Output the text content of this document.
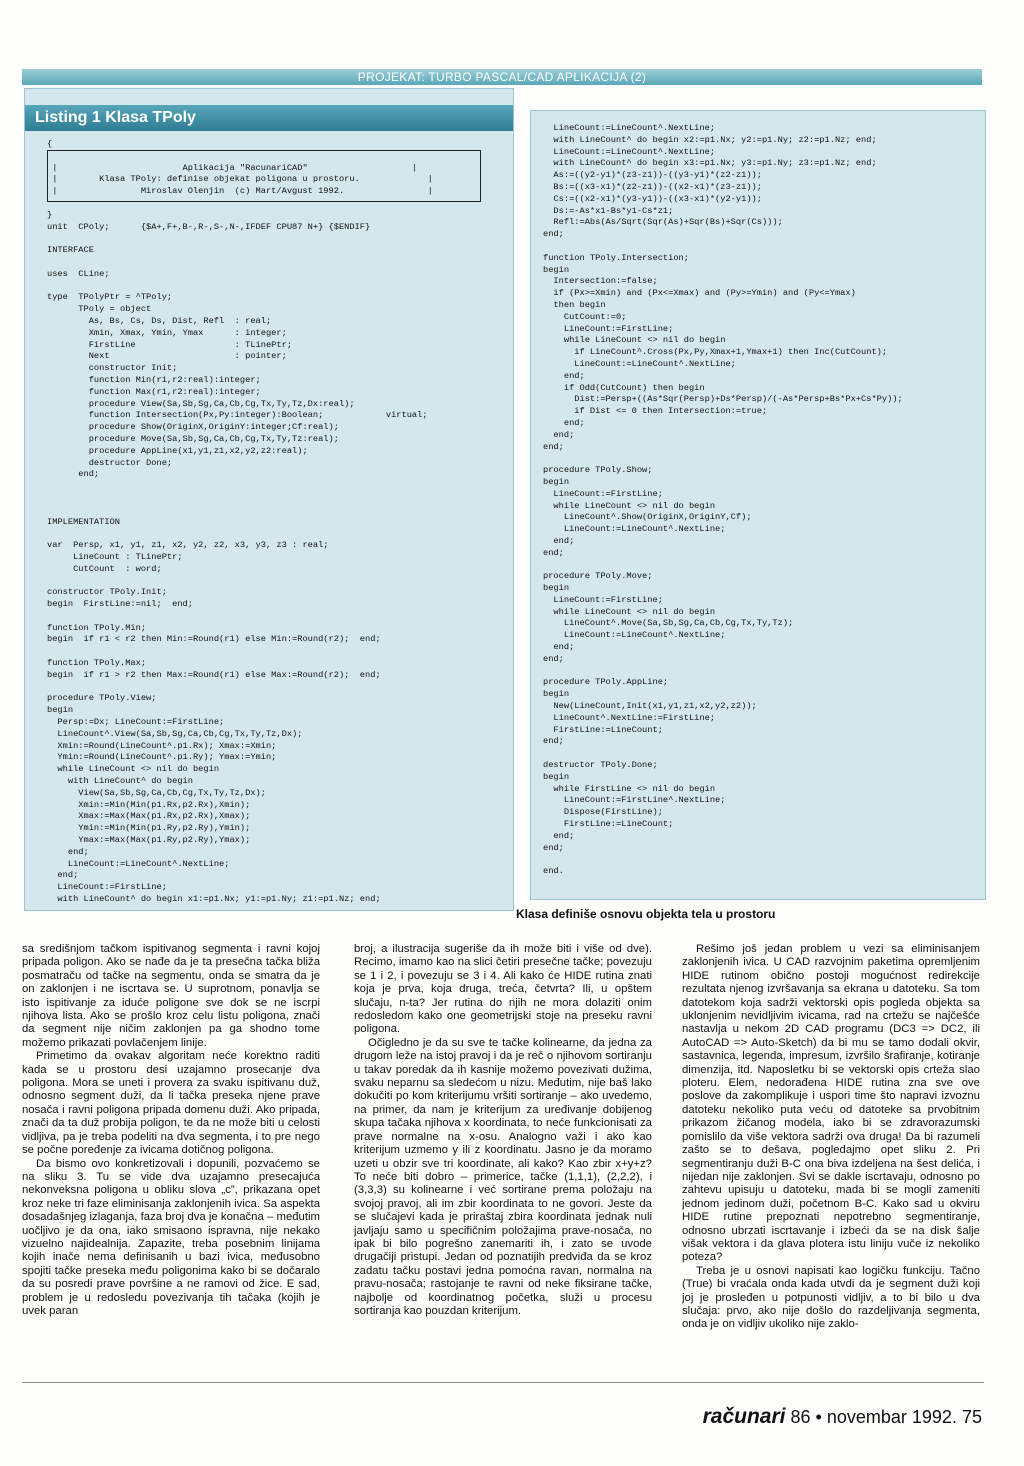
PROJEKAT: TURBO PASCAL/CAD APLIKACIJA (2)
Listing 1 Klasa TPoly
{

|                        Aplikacija "RacunariCAD"                    |
|        Klasa TPoly: definise objekat poligona u prostoru.             |
|                Miroslav Olenjin  (c) Mart/Avgust 1992.                |

}
unit  CPoly;      {$A+,F+,B-,R-,S-,N-,IFDEF CPU87 N+} {$ENDIF}

INTERFACE

uses  CLine;

type  TPolyPtr = ^TPoly;
TPoly = object
As, Bs, Cs, Ds, Dist, Refl  : real;
Xmin, Xmax, Ymin, Ymax      : integer;
FirstLine                   : TLinePtr;
Next                        : pointer;
constructor Init;
function Min(r1,r2:real):integer;
function Max(r1,r2:real):integer;
procedure View(Sa,Sb,Sg,Ca,Cb,Cg,Tx,Ty,Tz,Dx:real);
function Intersection(Px,Py:integer):Boolean;            virtual;
procedure Show(OriginX,OriginY:integer;Cf:real);
procedure Move(Sa,Sb,Sg,Ca,Cb,Cg,Tx,Ty,Tz:real);
procedure AppLine(x1,y1,z1,x2,y2,z2:real);
destructor Done;
end;

IMPLEMENTATION

var  Persp, x1, y1, z1, x2, y2, z2, x3, y3, z3 : real;
LineCount : TLinePtr;
CutCount  : word;

constructor TPoly.Init;
begin  FirstLine:=nil;  end;

function TPoly.Min;
begin  if r1 < r2 then Min:=Round(r1) else Min:=Round(r2);  end;

function TPoly.Max;
begin  if r1 > r2 then Max:=Round(r1) else Max:=Round(r2);  end;

procedure TPoly.View;
begin
Persp:=Dx; LineCount:=FirstLine;
LineCount^.View(Sa,Sb,Sg,Ca,Cb,Cg,Tx,Ty,Tz,Dx);
Xmin:=Round(LineCount^.p1.Rx); Xmax:=Xmin;
Ymin:=Round(LineCount^.p1.Ry); Ymax:=Ymin;
while LineCount <> nil do begin
with LineCount^ do begin
View(Sa,Sb,Sg,Ca,Cb,Cg,Tx,Ty,Tz,Dx);
Xmin:=Min(Min(p1.Rx,p2.Rx),Xmin);
Xmax:=Max(Max(p1.Rx,p2.Rx),Xmax);
Ymin:=Min(Min(p1.Ry,p2.Ry),Ymin);
Ymax:=Max(Max(p1.Ry,p2.Ry),Ymax);
end;
LineCount:=LineCount^.NextLine;
end;
LineCount:=FirstLine;
with LineCount^ do begin x1:=p1.Nx; y1:=p1.Ny; z1:=p1.Nz; end;
LineCount:=LineCount^.NextLine;
with LineCount^ do begin x2:=p1.Nx; y2:=p1.Ny; z2:=p1.Nz; end;
LineCount:=LineCount^.NextLine;
with LineCount^ do begin x3:=p1.Nx; y3:=p1.Ny; z3:=p1.Nz; end;
As:=((y2-y1)*(z3-z1))-((y3-y1)*(z2-z1));
Bs:=((x3-x1)*(z2-z1))-((x2-x1)*(z3-z1));
Cs:=((x2-x1)*(y3-y1))-((x3-x1)*(y2-y1));
Ds:=-As*x1-Bs*y1-Cs*z1;
Refl:=Abs(As/Sqrt(Sqr(As)+Sqr(Bs)+Sqr(Cs)));
end;

function TPoly.Intersection;
begin
Intersection:=false;
if (Px>=Xmin) and (Px<=Xmax) and (Py>=Ymin) and (Py<=Ymax)
then begin
CutCount:=0;
LineCount:=FirstLine;
while LineCount <> nil do begin
if LineCount^.Cross(Px,Py,Xmax+1,Ymax+1) then Inc(CutCount);
LineCount:=LineCount^.NextLine;
end;
if Odd(CutCount) then begin
Dist:=Persp+((As*Sqr(Persp)+Ds*Persp)/(-As*Persp+Bs*Px+Cs*Py));
if Dist <= 0 then Intersection:=true;
end;
end;
end;

procedure TPoly.Show;
begin
LineCount:=FirstLine;
while LineCount <> nil do begin
LineCount^.Show(OriginX,OriginY,Cf);
LineCount:=LineCount^.NextLine;
end;
end;

procedure TPoly.Move;
begin
LineCount:=FirstLine;
while LineCount <> nil do begin
LineCount^.Move(Sa,Sb,Sg,Ca,Cb,Cg,Tx,Ty,Tz);
LineCount:=LineCount^.NextLine;
end;
end;

procedure TPoly.AppLine;
begin
New(LineCount,Init(x1,y1,z1,x2,y2,z2));
LineCount^.NextLine:=FirstLine;
FirstLine:=LineCount;
end;

destructor TPoly.Done;
begin
while FirstLine <> nil do begin
LineCount:=FirstLine^.NextLine;
Dispose(FirstLine);
FirstLine:=LineCount;
end;
end;

end.
Klasa definiše osnovu objekta tela u prostoru

sa središnjom tačkom ispitivanog segmenta i ravni kojoj pripada poligon. Ako se nađe da je ta presečna tačka bliža posmatraču od tačke na segmentu, onda se smatra da je on zaklonjen i ne iscrtava se. U suprotnom, ponavlja se isto ispitivanje za iduće poligone sve dok se ne iscrpi njihova lista. Ako se prošlo kroz celu listu poligona, znači da segment nije ničim zaklonjen pa ga shodno tome možemo prikazati povlačenjem linije.

Primetimo da ovakav algoritam neće korektno raditi kada se u prostoru desi uzajamno prosecanje dva poligona. Mora se uneti i provera za svaku ispitivanu duž, odnosno segment duži, da li tačka preseka njene prave nosača i ravni poligona pripada domenu duži. Ako pripada, znači da ta duž probija poligon, te da ne može biti u celosti vidljiva, pa je treba podeliti na dva segmenta, i to pre nego se počne poređenje za ivicama dotičnog poligona.

Da bismo ovo konkretizovali i dopunili, pozvaćemo se na sliku 3. Tu se vide dva uzajamno presecajuća nekonveksna poligona u obliku slova „c”, prikazana opet kroz neke tri faze eliminisanja zaklonjenih ivica. Sa aspekta dosadašnjeg izlaganja, faza broj dva je konačna – međutim uočljivo je da ona, iako smisaono ispravna, nije nekako vizuelno najidealnija. Zapazite, treba posebnim linijama kojih inače nema definisanih u bazi ivica, međusobno spojiti tačke preseka među poligonima kako bi se dočaralo da su posredi prave površine a ne ramovi od žice. E sad, problem je u redosledu povezivanja tih tačaka (kojih je uvek paran

broj, a ilustracija sugeriše da ih može biti i više od dve). Recimo, imamo kao na slici četiri presečne tačke; povezuju se 1 i 2, i povezuju se 3 i 4. Ali kako će HIDE rutina znati koja je prva, koja druga, treća, četvrta? Ili, u opštem slučaju, n-ta? Jer rutina do njih ne mora dolaziti onim redosledom kako one geometrijski stoje na preseku ravni poligona.

Očigledno je da su sve te tačke kolinearne, da jedna za drugom leže na istoj pravoj i da je reč o njihovom sortiranju u takav poredak da ih kasnije možemo povezivati dužima, svaku neparnu sa sledećom u nizu. Međutim, nije baš lako dokučiti po kom kriterijumu vršiti sortiranje – ako uvedemo, na primer, da nam je kriterijum za uređivanje dobijenog skupa tačaka njihova x koordinata, to neće funkcionisati za prave normalne na x-osu. Analogno važi i ako kao kriterijum uzmemo y ili z koordinatu. Jasno je da moramo uzeti u obzir sve tri koordinate, ali kako? Kao zbir x+y+z? To neće biti dobro – primerice, tačke (1,1,1), (2,2,2), i (3,3,3) su kolinearne i već sortirane prema položaju na svojoj pravoj, ali im zbir koordinata to ne govori. Jeste da se slučajevi kada je priraštaj zbira koordinata jednak nuli javljaju samo u specifičnim položajima prave-nosača, no ipak bi bilo pogrešno zanemariti ih, i zato se uvode drugačiji pristupi. Jedan od poznatijih predviđa da se kroz zadatu tačku postavi jedna pomoćna ravan, normalna na pravu-nosača; rastojanje te ravni od neke fiksirane tačke, najbolje od koordinatnog početka, služi u procesu sortiranja kao pouzdan kriterijum.

Rešimo još jedan problem u vezi sa eliminisanjem zaklonjenih ivica. U CAD razvojnim paketima opremljenim HIDE rutinom obično postoji mogućnost redirekcije rezultata njenog izvršavanja sa ekrana u datoteku. Sa tom datotekom koja sadrži vektorski opis pogleda objekta sa uklonjenim nevidljivim ivicama, rad na crtežu se najčešće nastavlja u nekom 2D CAD programu (DC3 => DC2, ili AutoCAD => Auto-Sketch) da bi mu se tamo dodali okvir, sastavnica, legenda, impresum, izvršilo šrafiranje, kotiranje dimenzija, itd. Naposletku bi se vektorski opis crteža slao ploteru. Elem, nedorađena HIDE rutina zna sve ove poslove da zakomplikuje i uspori time što napravi izvoznu datoteku nekoliko puta veću od datoteke sa prvobitnim prikazom žičanog modela, iako bi se zdravorazumski pomislilo da više vektora sadrži ova druga! Da bi razumeli zašto se to dešava, pogledajmo opet sliku 2. Pri segmentiranju duži B-C ona biva izdeljena na šest delića, i nijedan nije zaklonjen. Svi se dakle iscrtavaju, odnosno po zahtevu upisuju u datoteku, mada bi se mogli zameniti jednom jedinom duži, početnom B-C. Kako sad u okviru HIDE rutine prepoznati nepotrebno segmentiranje, odnosno ubrzati iscrtavanje i izbeći da se na disk šalje višak vektora i da glava plotera istu liniju vuče iz nekoliko poteza?

Treba je u osnovi napisati kao logičku funkciju. Tačno (True) bi vraćala onda kada utvdi da je segment duži koji joj je prosleđen u potpunosti vidljiv, a to bi bilo u dva slučaja: prvo, ako nije došlo do razdeljivanja segmenta, onda je on vidljiv ukoliko nije zaklo-

računari 86 • novembar 1992. 75
